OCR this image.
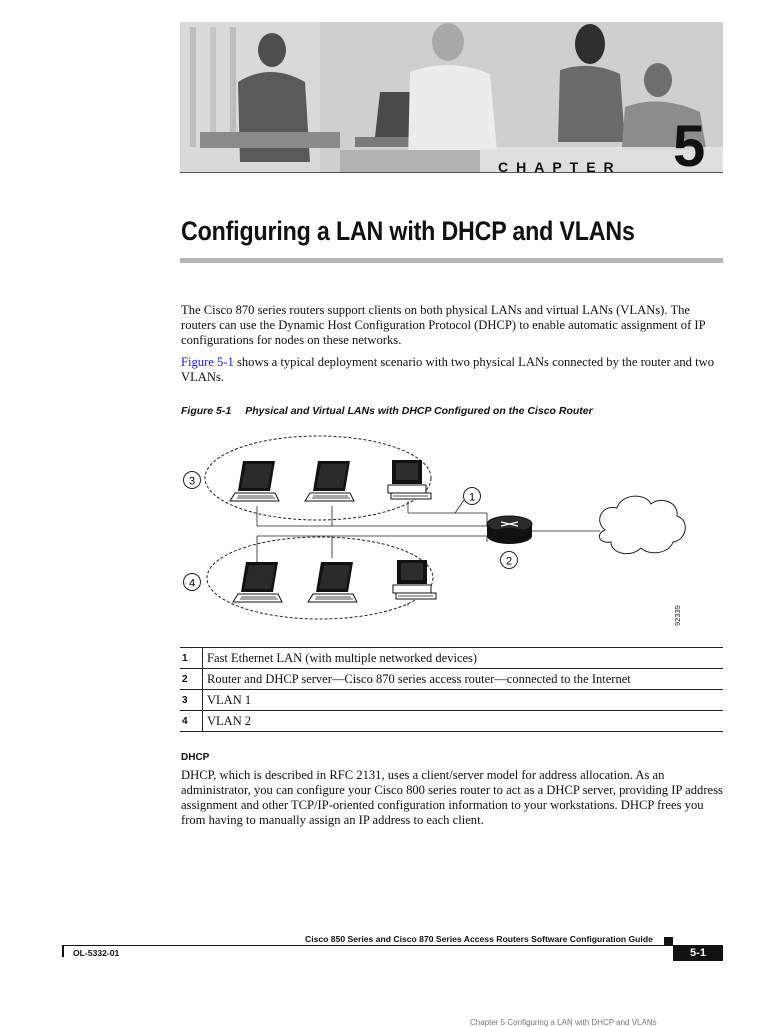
CHAPTER 5
Configuring a LAN with DHCP and VLANs

The Cisco 870 series routers support clients on both physical LANs and virtual LANs (VLANs). The routers can use the Dynamic Host Configuration Protocol (DHCP) to enable automatic assignment of IP configurations for nodes on these networks.

Figure 5-1 shows a typical deployment scenario with two physical LANs connected by the router and two VLANs.

Figure 5-1 Physical and Virtual LANs with DHCP Configured on the Cisco Router
3
1
2
4
92339
1	Fast Ethernet LAN (with multiple networked devices)
2	Router and DHCP server—Cisco 870 series access router—connected to the Internet
3	VLAN 1
4	VLAN 2
DHCP

DHCP, which is described in RFC 2131, uses a client/server model for address allocation. As an administrator, you can configure your Cisco 800 series router to act as a DHCP server, providing IP address assignment and other TCP/IP-oriented configuration information to your workstations. DHCP frees you from having to manually assign an IP address to each client.

Cisco 850 Series and Cisco 870 Series Access Routers Software Configuration Guide
OL-5332-01	5-1
Chapter 5 Configuring a LAN with DHCP and VLANs
